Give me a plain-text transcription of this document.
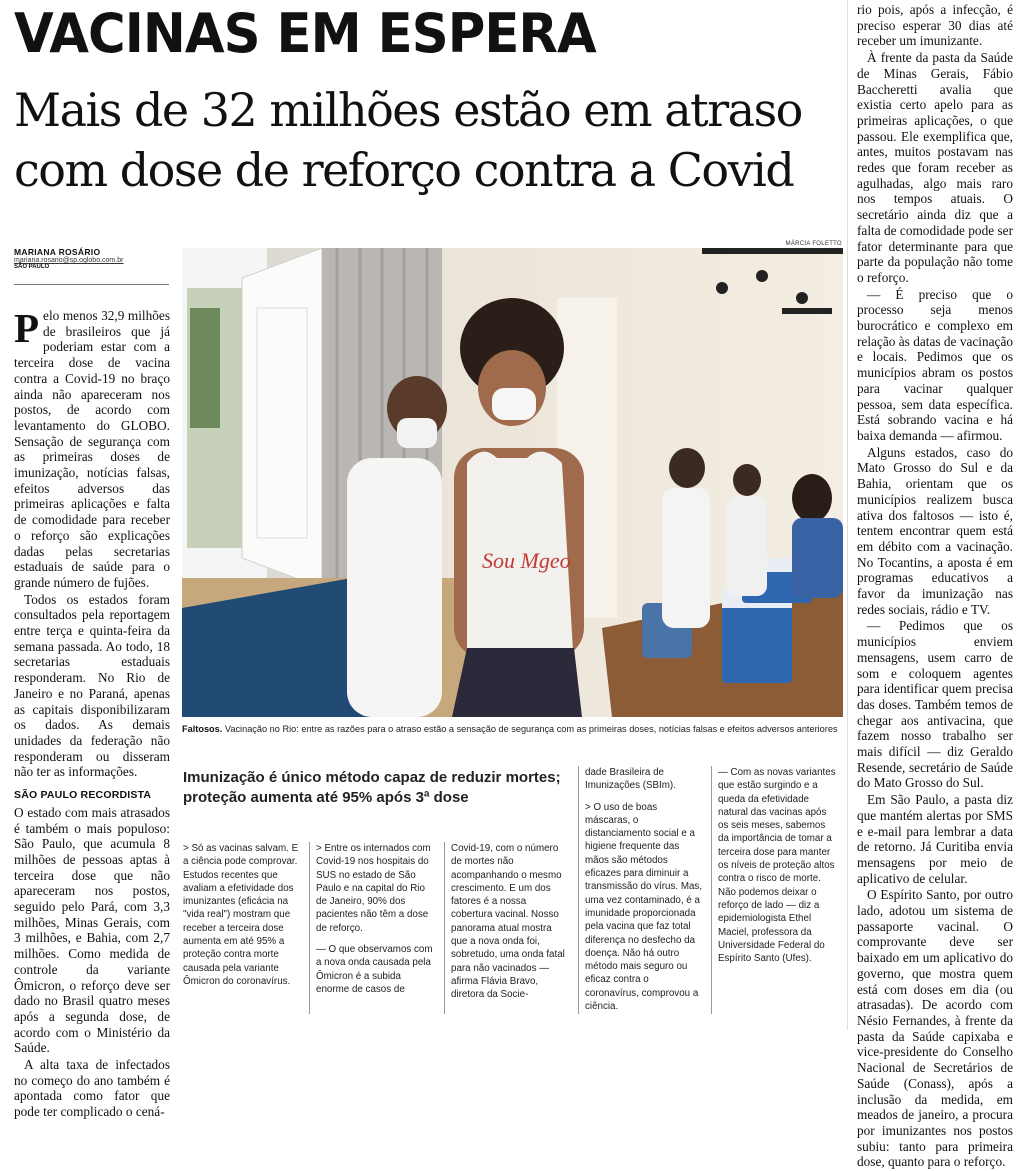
VACINAS EM ESPERA
Mais de 32 milhões estão em atraso com dose de reforço contra a Covid
MARIANA ROSÁRIO
mariana.rosario@sp.oglobo.com.br
SÃO PAULO

Pelo menos 32,9 milhões de brasileiros que já poderiam estar com a terceira dose de vacina contra a Covid-19 no braço ainda não apareceram nos postos, de acordo com levantamento do GLOBO. Sensação de segurança com as primeiras doses de imunização, notícias falsas, efeitos adversos das primeiras aplicações e falta de comodidade para receber o reforço são explicações dadas pelas secretarias estaduais de saúde para o grande número de fujões.

Todos os estados foram consultados pela reportagem entre terça e quinta-feira da semana passada. Ao todo, 18 secretarias estaduais responderam. No Rio de Janeiro e no Paraná, apenas as capitais disponibilizaram os dados. As demais unidades da federação não responderam ou disseram não ter as informações.

SÃO PAULO RECORDISTA

O estado com mais atrasados é também o mais populoso: São Paulo, que acumula 8 milhões de pessoas aptas à terceira dose que não apareceram nos postos, seguido pelo Pará, com 3,3 milhões, Minas Gerais, com 3 milhões, e Bahia, com 2,7 milhões. Como medida de controle da variante Ômicron, o reforço deve ser dado no Brasil quatro meses após a segunda dose, de acordo com o Ministério da Saúde.

A alta taxa de infectados no começo do ano também é apontada como fator que pode ter complicado o cená-

MÁRCIA FOLETTO
Sou Mgeo
Faltosos. Vacinação no Rio: entre as razões para o atraso estão a sensação de segurança com as primeiras doses, notícias falsas e efeitos adversos anteriores

rio pois, após a infecção, é preciso esperar 30 dias até receber um imunizante.

À frente da pasta da Saúde de Minas Gerais, Fábio Baccheretti avalia que existia certo apelo para as primeiras aplicações, o que passou. Ele exemplifica que, antes, muitos postavam nas redes que foram receber as agulhadas, algo mais raro nos tempos atuais. O secretário ainda diz que a falta de comodidade pode ser fator determinante para que parte da população não tome o reforço.

— É preciso que o processo seja menos burocrático e complexo em relação às datas de vacinação e locais. Pedimos que os municípios abram os postos para vacinar qualquer pessoa, sem data específica. Está sobrando vacina e há baixa demanda — afirmou.

Alguns estados, caso do Mato Grosso do Sul e da Bahia, orientam que os municípios realizem busca ativa dos faltosos — isto é, tentem encontrar quem está em débito com a vacinação. No Tocantins, a aposta é em programas educativos a favor da imunização nas redes sociais, rádio e TV.

— Pedimos que os municípios enviem mensagens, usem carro de som e coloquem agentes para identificar quem precisa das doses. Também temos de chegar aos antivacina, que fazem nosso trabalho ser mais difícil — diz Geraldo Resende, secretário de Saúde do Mato Grosso do Sul.

Em São Paulo, a pasta diz que mantém alertas por SMS e e-mail para lembrar a data de retorno. Já Curitiba envia mensagens por meio de aplicativo de celular.

O Espírito Santo, por outro lado, adotou um sistema de passaporte vacinal. O comprovante deve ser baixado em um aplicativo do governo, que mostra quem está com doses em dia (ou atrasadas). De acordo com Nésio Fernandes, à frente da pasta da Saúde capixaba e vice-presidente do Conselho Nacional de Secretários de Saúde (Conass), após a inclusão da medida, em meados de janeiro, a procura por imunizantes nos postos subiu: tanto para primeira dose, quanto para o reforço.

Imunização é único método capaz de reduzir mortes; proteção aumenta até 95% após 3ª dose

> Só as vacinas salvam. E a ciência pode comprovar. Estudos recentes que avaliam a efetividade dos imunizantes (eficácia na "vida real") mostram que receber a terceira dose aumenta em até 95% a proteção contra morte causada pela variante Ômicron do coronavírus.

> Entre os internados com Covid-19 nos hospitais do SUS no estado de São Paulo e na capital do Rio de Janeiro, 90% dos pacientes não têm a dose de reforço.

— O que observamos com a nova onda causada pela Ômicron é a subida enorme de casos de

Covid-19, com o número de mortes não acompanhando o mesmo crescimento. E um dos fatores é a nossa cobertura vacinal. Nosso panorama atual mostra que a nova onda foi, sobretudo, uma onda fatal para não vacinados — afirma Flávia Bravo, diretora da Socie-

dade Brasileira de Imunizações (SBIm).

> O uso de boas máscaras, o distanciamento social e a higiene frequente das mãos são métodos eficazes para diminuir a transmissão do vírus. Mas, uma vez contaminado, é a imunidade proporcionada pela vacina que faz total diferença no desfecho da doença. Não há outro método mais seguro ou eficaz contra o coronavírus, comprovou a ciência.

— Com as novas variantes que estão surgindo e a queda da efetividade natural das vacinas após os seis meses, sabemos da importância de tomar a terceira dose para manter os níveis de proteção altos contra o risco de morte. Não podemos deixar o reforço de lado — diz a epidemiologista Ethel Maciel, professora da Universidade Federal do Espírito Santo (Ufes).
